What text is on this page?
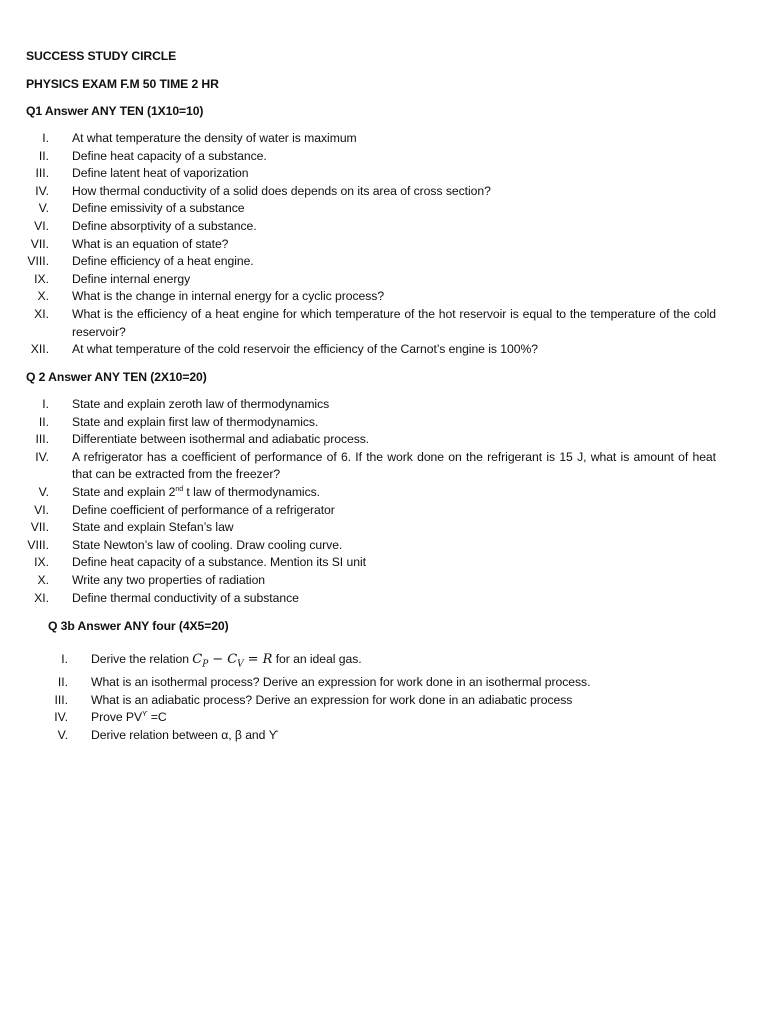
SUCCESS STUDY CIRCLE
PHYSICS EXAM F.M 50 TIME 2 HR
Q1 Answer ANY TEN (1X10=10)
I. At what temperature the density of water is maximum
II. Define heat capacity of a substance.
III. Define latent heat of vaporization
IV. How thermal conductivity of a solid does depends on its area of cross section?
V. Define emissivity of a substance
VI. Define absorptivity of a substance.
VII. What is an equation of state?
VIII. Define efficiency of a heat engine.
IX. Define internal energy
X. What is the change in internal energy for a cyclic process?
XI. What is the efficiency of a heat engine for which temperature of the hot reservoir is equal to the temperature of the cold reservoir?
XII. At what temperature of the cold reservoir the efficiency of the Carnot’s engine is 100%?
Q 2 Answer ANY TEN (2X10=20)
I. State and explain zeroth law of thermodynamics
II. State and explain first law of thermodynamics.
III. Differentiate between isothermal and adiabatic process.
IV. A refrigerator has a coefficient of performance of 6. If the work done on the refrigerant is 15 J, what is amount of heat that can be extracted from the freezer?
V. State and explain 2nd t law of thermodynamics.
VI. Define coefficient of performance of a refrigerator
VII. State and explain Stefan’s law
VIII. State Newton’s law of cooling. Draw cooling curve.
IX. Define heat capacity of a substance. Mention its SI unit
X. Write any two properties of radiation
XI. Define thermal conductivity of a substance
Q 3b Answer ANY four (4X5=20)
I. Derive the relation $C_P - C_V = R$ for an ideal gas.
II. What is an isothermal process? Derive an expression for work done in an isothermal process.
III. What is an adiabatic process? Derive an expression for work done in an adiabatic process
IV. Prove $PV^ϒ =C$
V. Derive relation between α, β and ϒ
